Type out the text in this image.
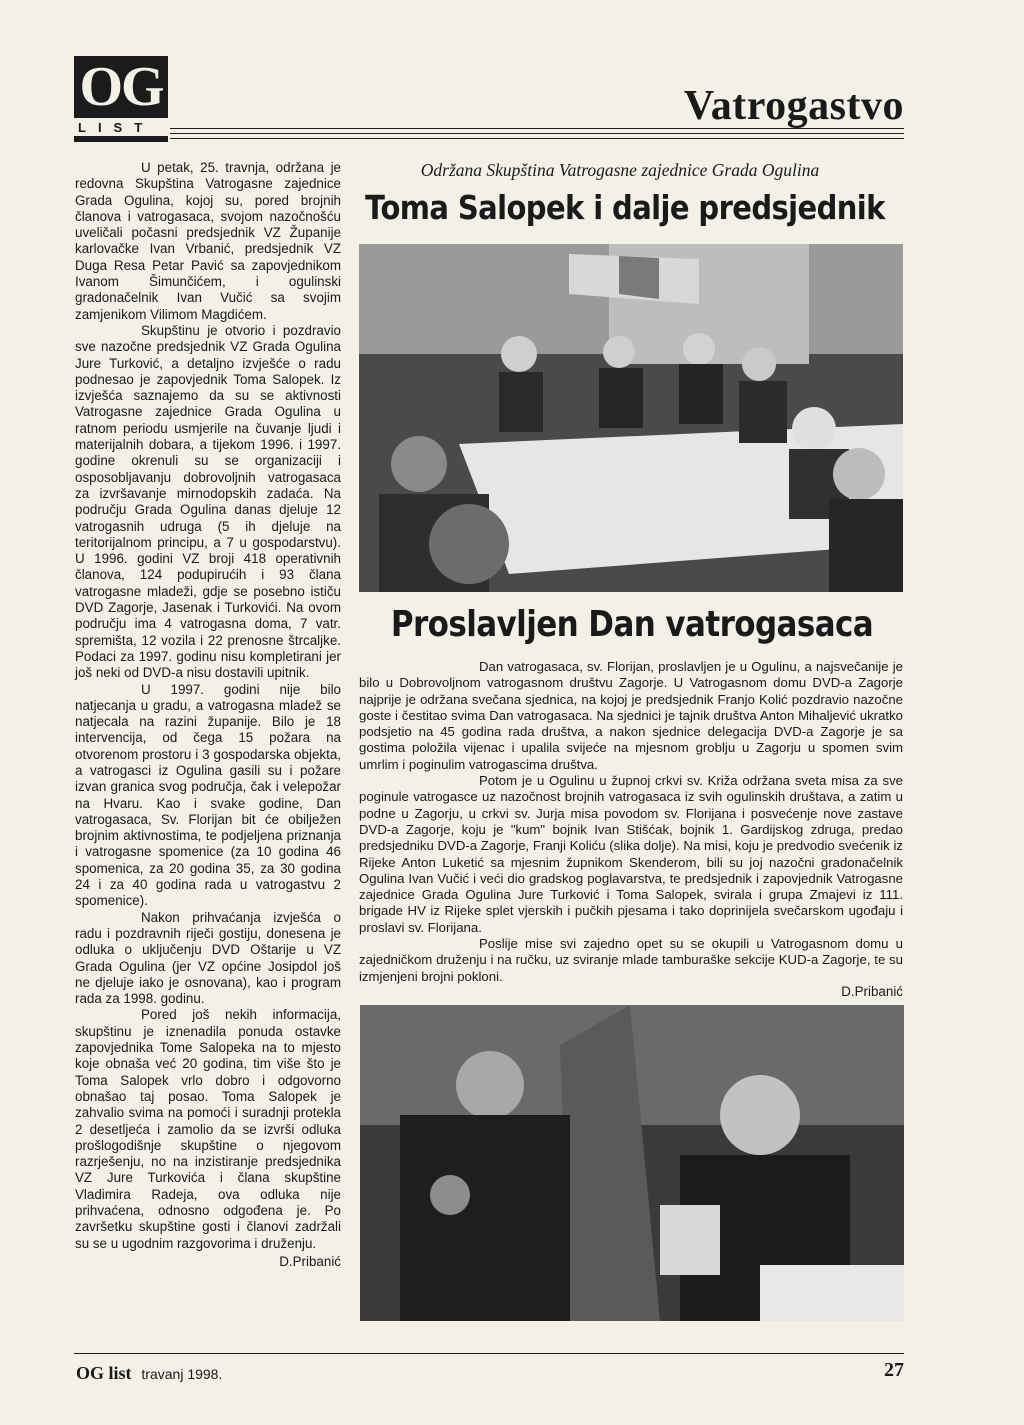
OG
LIST	Vatrogastvo

U petak, 25. travnja, održana je redovna Skupština Vatrogasne zajednice Grada Ogulina, kojoj su, pored brojnih članova i vatrogasaca, svojom nazočnošću uveličali počasni predsjednik VZ Županije karlovačke Ivan Vrbanić, predsjednik VZ Duga Resa Petar Pavić sa zapovjednikom Ivanom Šimunčićem, i ogulinski gradonačelnik Ivan Vučić sa svojim zamjenikom Vilimom Magdićem.

Skupštinu je otvorio i pozdravio sve nazočne predsjednik VZ Grada Ogulina Jure Turković, a detaljno izvješće o radu podnesao je zapovjednik Toma Salopek. Iz izvješća saznajemo da su se aktivnosti Vatrogasne zajednice Grada Ogulina u ratnom periodu usmjerile na čuvanje ljudi i materijalnih dobara, a tijekom 1996. i 1997. godine okrenuli su se organizaciji i osposobljavanju dobrovoljnih vatrogasaca za izvršavanje mirnodopskih zadaća. Na području Grada Ogulina danas djeluje 12 vatrogasnih udruga (5 ih djeluje na teritorijalnom principu, a 7 u gospodarstvu). U 1996. godini VZ broji 418 operativnih članova, 124 podupirućih i 93 člana vatrogasne mladeži, gdje se posebno ističu DVD Zagorje, Jasenak i Turkovići. Na ovom području ima 4 vatrogasna doma, 7 vatr. spremišta, 12 vozila i 22 prenosne štrcaljke. Podaci za 1997. godinu nisu kompletirani jer još neki od DVD-a nisu dostavili upitnik.

U 1997. godini nije bilo natjecanja u gradu, a vatrogasna mladež se natjecala na razini županije. Bilo je 18 intervencija, od čega 15 požara na otvorenom prostoru i 3 gospodarska objekta, a vatrogasci iz Ogulina gasili su i požare izvan granica svog područja, čak i velepožar na Hvaru. Kao i svake godine, Dan vatrogasaca, Sv. Florijan bit će obilježen brojnim aktivnostima, te podjeljena priznanja i vatrogasne spomenice (za 10 godina 46 spomenica, za 20 godina 35, za 30 godina 24 i za 40 godina rada u vatrogastvu 2 spomenice).

Nakon prihvaćanja izvješća o radu i pozdravnih riječi gostiju, donesena je odluka o uključenju DVD Oštarije u VZ Grada Ogulina (jer VZ općine Josipdol još ne djeluje iako je osnovana), kao i program rada za 1998. godinu.

Pored još nekih informacija, skupštinu je iznenadila ponuda ostavke zapovjednika Tome Salopeka na to mjesto koje obnaša već 20 godina, tim više što je Toma Salopek vrlo dobro i odgovorno obnašao taj posao. Toma Salopek je zahvalio svima na pomoći i suradnji protekla 2 desetljeća i zamolio da se izvrši odluka prošlogodišnje skupštine o njegovom razrješenju, no na inzistiranje predsjednika VZ Jure Turkovića i člana skupštine Vladimira Radeja, ova odluka nije prihvaćena, odnosno odgođena je. Po završetku skupštine gosti i članovi zadržali su se u ugodnim razgovorima i druženju.

D.Pribanić
Održana Skupština Vatrogasne zajednice Grada Ogulina
Toma Salopek i dalje predsjednik
Proslavljen Dan vatrogasaca

Dan vatrogasaca, sv. Florijan, proslavljen je u Ogulinu, a najsvečanije je bilo u Dobrovoljnom vatrogasnom društvu Zagorje. U Vatrogasnom domu DVD-a Zagorje najprije je održana svečana sjednica, na kojoj je predsjednik Franjo Kolić pozdravio nazočne goste i čestitao svima Dan vatrogasaca. Na sjednici je tajnik društva Anton Mihaljević ukratko podsjetio na 45 godina rada društva, a nakon sjednice delegacija DVD-a Zagorje je sa gostima položila vijenac i upalila svijeće na mjesnom groblju u Zagorju u spomen svim umrlim i poginulim vatrogascima društva.

Potom je u Ogulinu u župnoj crkvi sv. Križa održana sveta misa za sve poginule vatrogasce uz nazočnost brojnih vatrogasaca iz svih ogulinskih društava, a zatim u podne u Zagorju, u crkvi sv. Jurja misa povodom sv. Florijana i posvećenje nove zastave DVD-a Zagorje, koju je "kum" bojnik Ivan Stišćak, bojnik 1. Gardijskog zdruga, predao predsjedniku DVD-a Zagorje, Franji Koliću (slika dolje). Na misi, koju je predvodio svećenik iz Rijeke Anton Luketić sa mjesnim župnikom Skenderom, bili su joj nazočni gradonačelnik Ogulina Ivan Vučić i veći dio gradskog poglavarstva, te predsjednik i zapovjednik Vatrogasne zajednice Grada Ogulina Jure Turković i Toma Salopek, svirala i grupa Zmajevi iz 111. brigade HV iz Rijeke splet vjerskih i pučkih pjesama i tako doprinijela svečarskom ugođaju i proslavi sv. Florijana.

Poslije mise svi zajedno opet su se okupili u Vatrogasnom domu u zajedničkom druženju i na ručku, uz sviranje mlade tamburaške sekcije KUD-a Zagorje, te su izmjenjeni brojni pokloni.

D.Pribanić
OG list travanj 1998.	27
